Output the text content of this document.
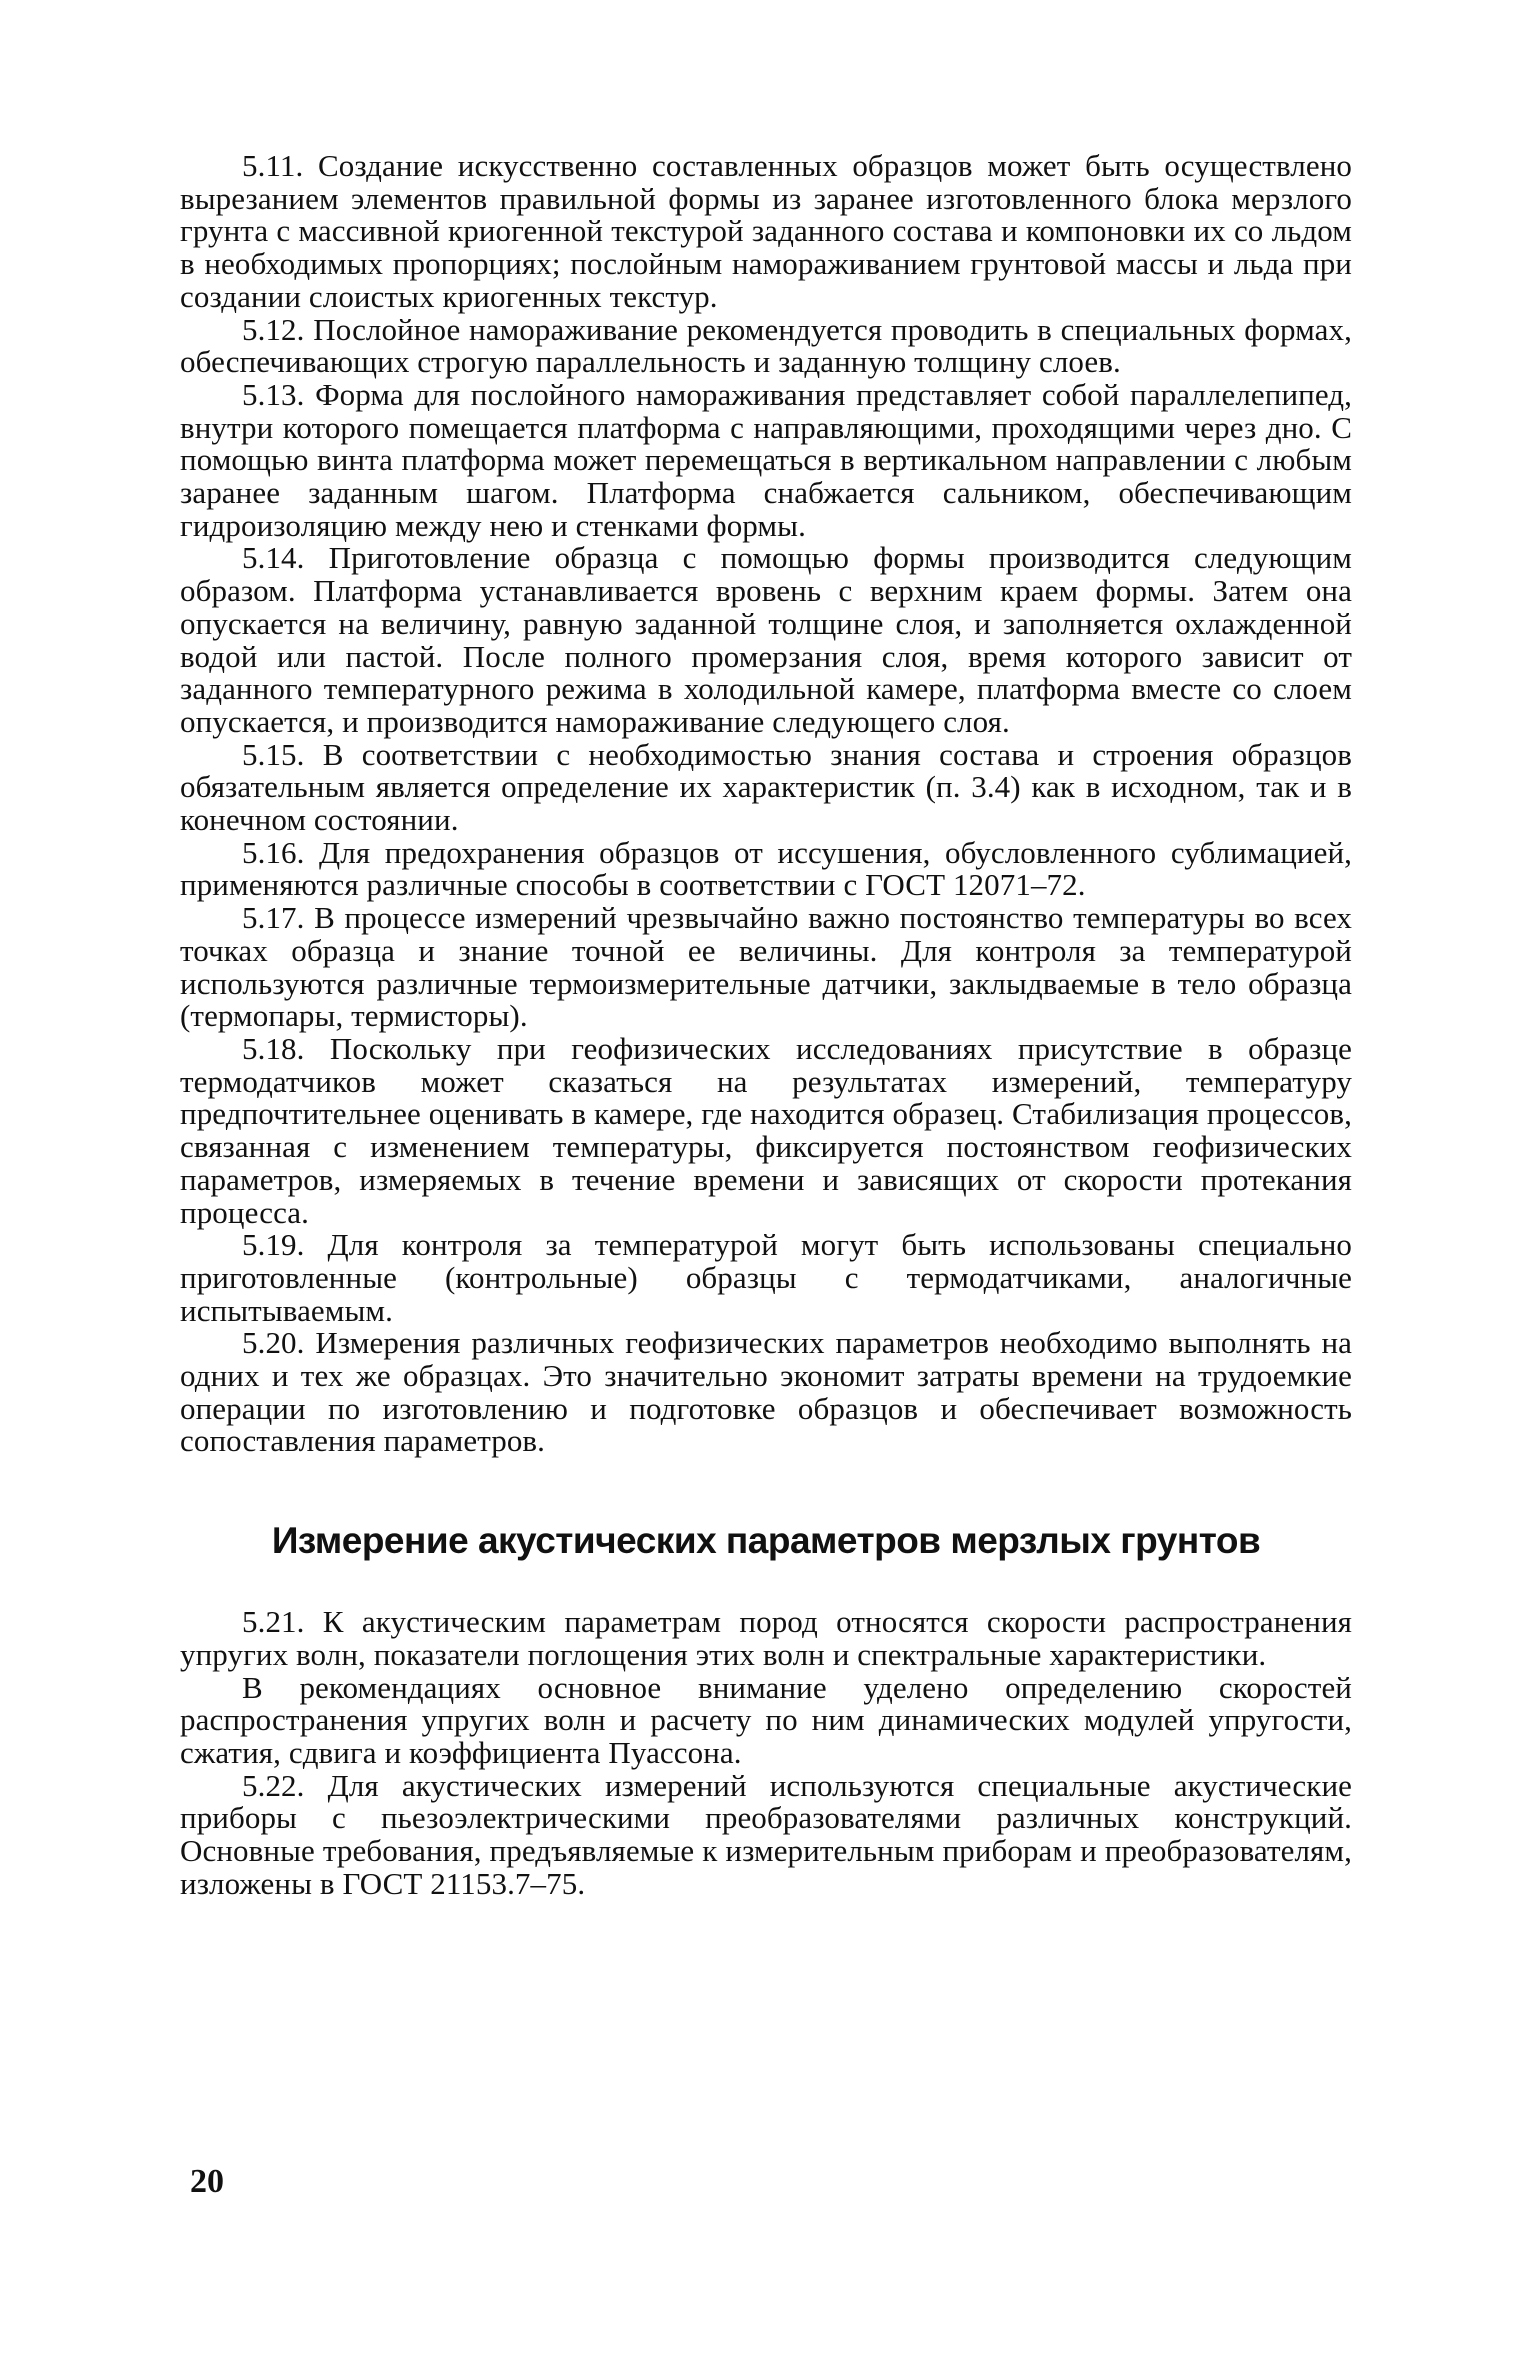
5.11. Создание искусственно составленных образцов может быть осуществлено вырезанием элементов правильной формы из заранее изготовленного блока мерзлого грунта с массивной криогенной текстурой заданного состава и компоновки их со льдом в необходимых пропорциях; послойным намораживанием грунтовой массы и льда при создании слоистых криогенных текстур.

5.12. Послойное намораживание рекомендуется проводить в специальных формах, обеспечивающих строгую параллельность и заданную толщину слоев.

5.13. Форма для послойного намораживания представляет собой параллелепипед, внутри которого помещается платформа с направляющими, проходящими через дно. С помощью винта платформа может перемещаться в вертикальном направлении с любым заранее заданным шагом. Платформа снабжается сальником, обеспечивающим гидроизоляцию между нею и стенками формы.

5.14. Приготовление образца с помощью формы производится следующим образом. Платформа устанавливается вровень с верхним краем формы. Затем она опускается на величину, равную заданной толщине слоя, и заполняется охлажденной водой или пастой. После полного промерзания слоя, время которого зависит от заданного температурного режима в холодильной камере, платформа вместе со слоем опускается, и производится намораживание следующего слоя.

5.15. В соответствии с необходимостью знания состава и строения образцов обязательным является определение их характеристик (п. 3.4) как в исходном, так и в конечном состоянии.

5.16. Для предохранения образцов от иссушения, обусловленного сублимацией, применяются различные способы в соответствии с ГОСТ 12071–72.

5.17. В процессе измерений чрезвычайно важно постоянство температуры во всех точках образца и знание точной ее величины. Для контроля за температурой используются различные термоизмерительные датчики, заклыдваемые в тело образца (термопары, термисторы).

5.18. Поскольку при геофизических исследованиях присутствие в образце термодатчиков может сказаться на результатах измерений, температуру предпочтительнее оценивать в камере, где находится образец. Стабилизация процессов, связанная с изменением температуры, фиксируется постоянством геофизических параметров, измеряемых в течение времени и зависящих от скорости протекания процесса.

5.19. Для контроля за температурой могут быть использованы специально приготовленные (контрольные) образцы с термодатчиками, аналогичные испытываемым.

5.20. Измерения различных геофизических параметров необходимо выполнять на одних и тех же образцах. Это значительно экономит затраты времени на трудоемкие операции по изготовлению и подготовке образцов и обеспечивает возможность сопоставления параметров.

Измерение акустических параметров мерзлых грунтов

5.21. К акустическим параметрам пород относятся скорости распространения упругих волн, показатели поглощения этих волн и спектральные характеристики.

В рекомендациях основное внимание уделено определению скоростей распространения упругих волн и расчету по ним динамических модулей упругости, сжатия, сдвига и коэффициента Пуассона.

5.22. Для акустических измерений используются специальные акустические приборы с пьезоэлектрическими преобразователями различных конструкций. Основные требования, предъявляемые к измерительным приборам и преобразователям, изложены в ГОСТ 21153.7–75.

20
